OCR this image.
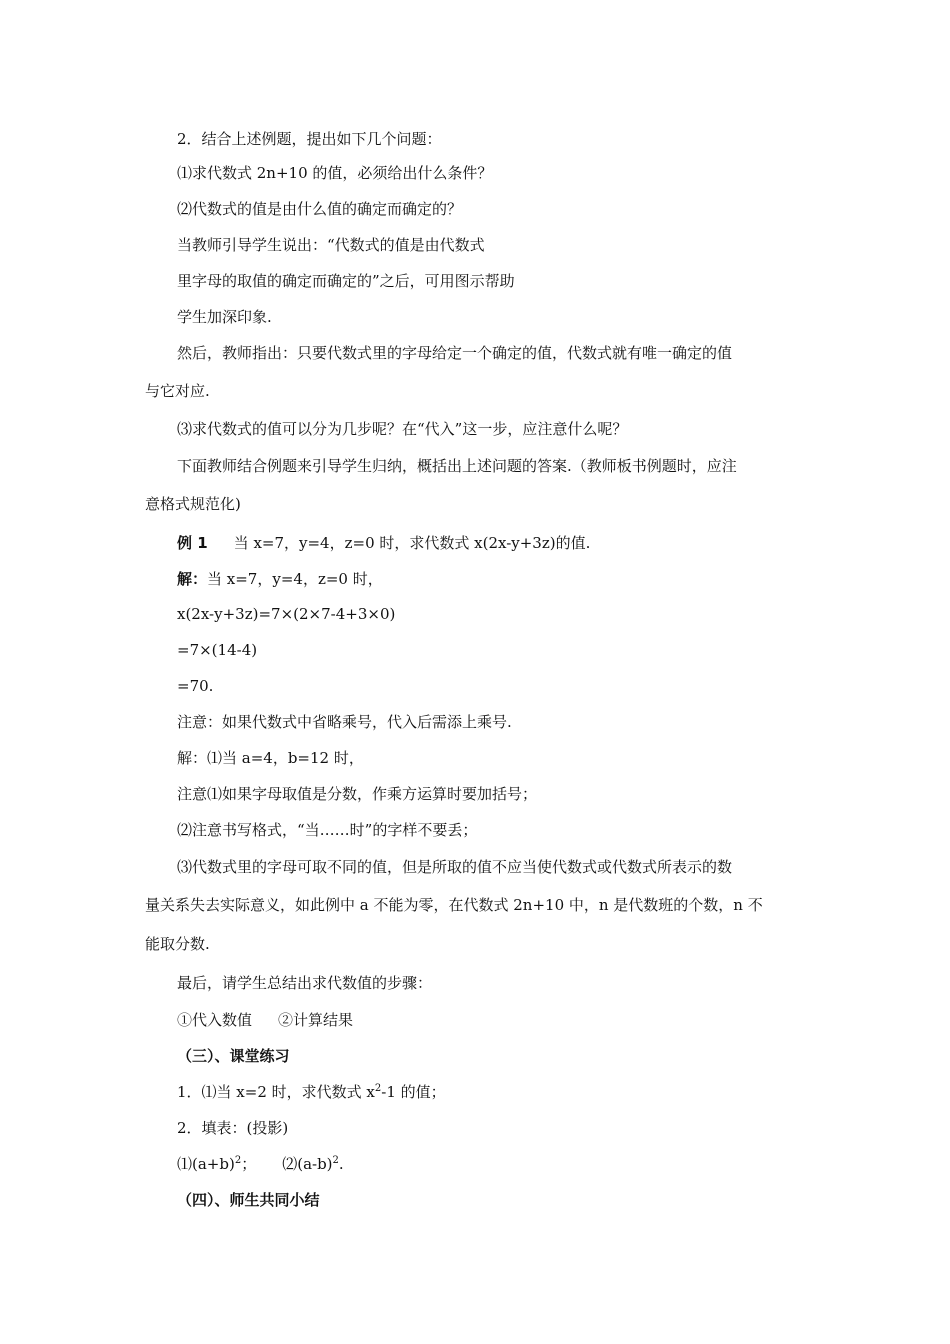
2．结合上述例题，提出如下几个问题：
⑴求代数式 2n+10 的值，必须给出什么条件？
⑵代数式的值是由什么值的确定而确定的？
当教师引导学生说出：“代数式的值是由代数式
里字母的取值的确定而确定的”之后，可用图示帮助
学生加深印象.
然后，教师指出：只要代数式里的字母给定一个确定的值，代数式就有唯一确定的值
与它对应.
⑶求代数式的值可以分为几步呢？在“代入”这一步，应注意什么呢？
下面教师结合例题来引导学生归纳，概括出上述问题的答案.（教师板书例题时，应注
意格式规范化)
例 1 当 x=7，y=4，z=0 时，求代数式 x(2x-y+3z)的值.
解：当 x=7，y=4，z=0 时，
x(2x-y+3z)=7×(2×7-4+3×0)
=7×(14-4)
=70.
注意：如果代数式中省略乘号，代入后需添上乘号.
解：⑴当 a=4，b=12 时，
注意⑴如果字母取值是分数，作乘方运算时要加括号；
⑵注意书写格式，“当……时”的字样不要丢；
⑶代数式里的字母可取不同的值，但是所取的值不应当使代数式或代数式所表示的数
量关系失去实际意义，如此例中 a 不能为零，在代数式 2n+10 中，n 是代数班的个数，n 不
能取分数.
最后，请学生总结出求代数值的步骤：
①代入数值 ②计算结果
（三）、课堂练习
1．⑴当 x=2 时，求代数式 $x^2-1$ 的值；
2．填表：(投影)
$⑴(a+b)^2$； $⑵(a-b)^2$.
（四）、师生共同小结
